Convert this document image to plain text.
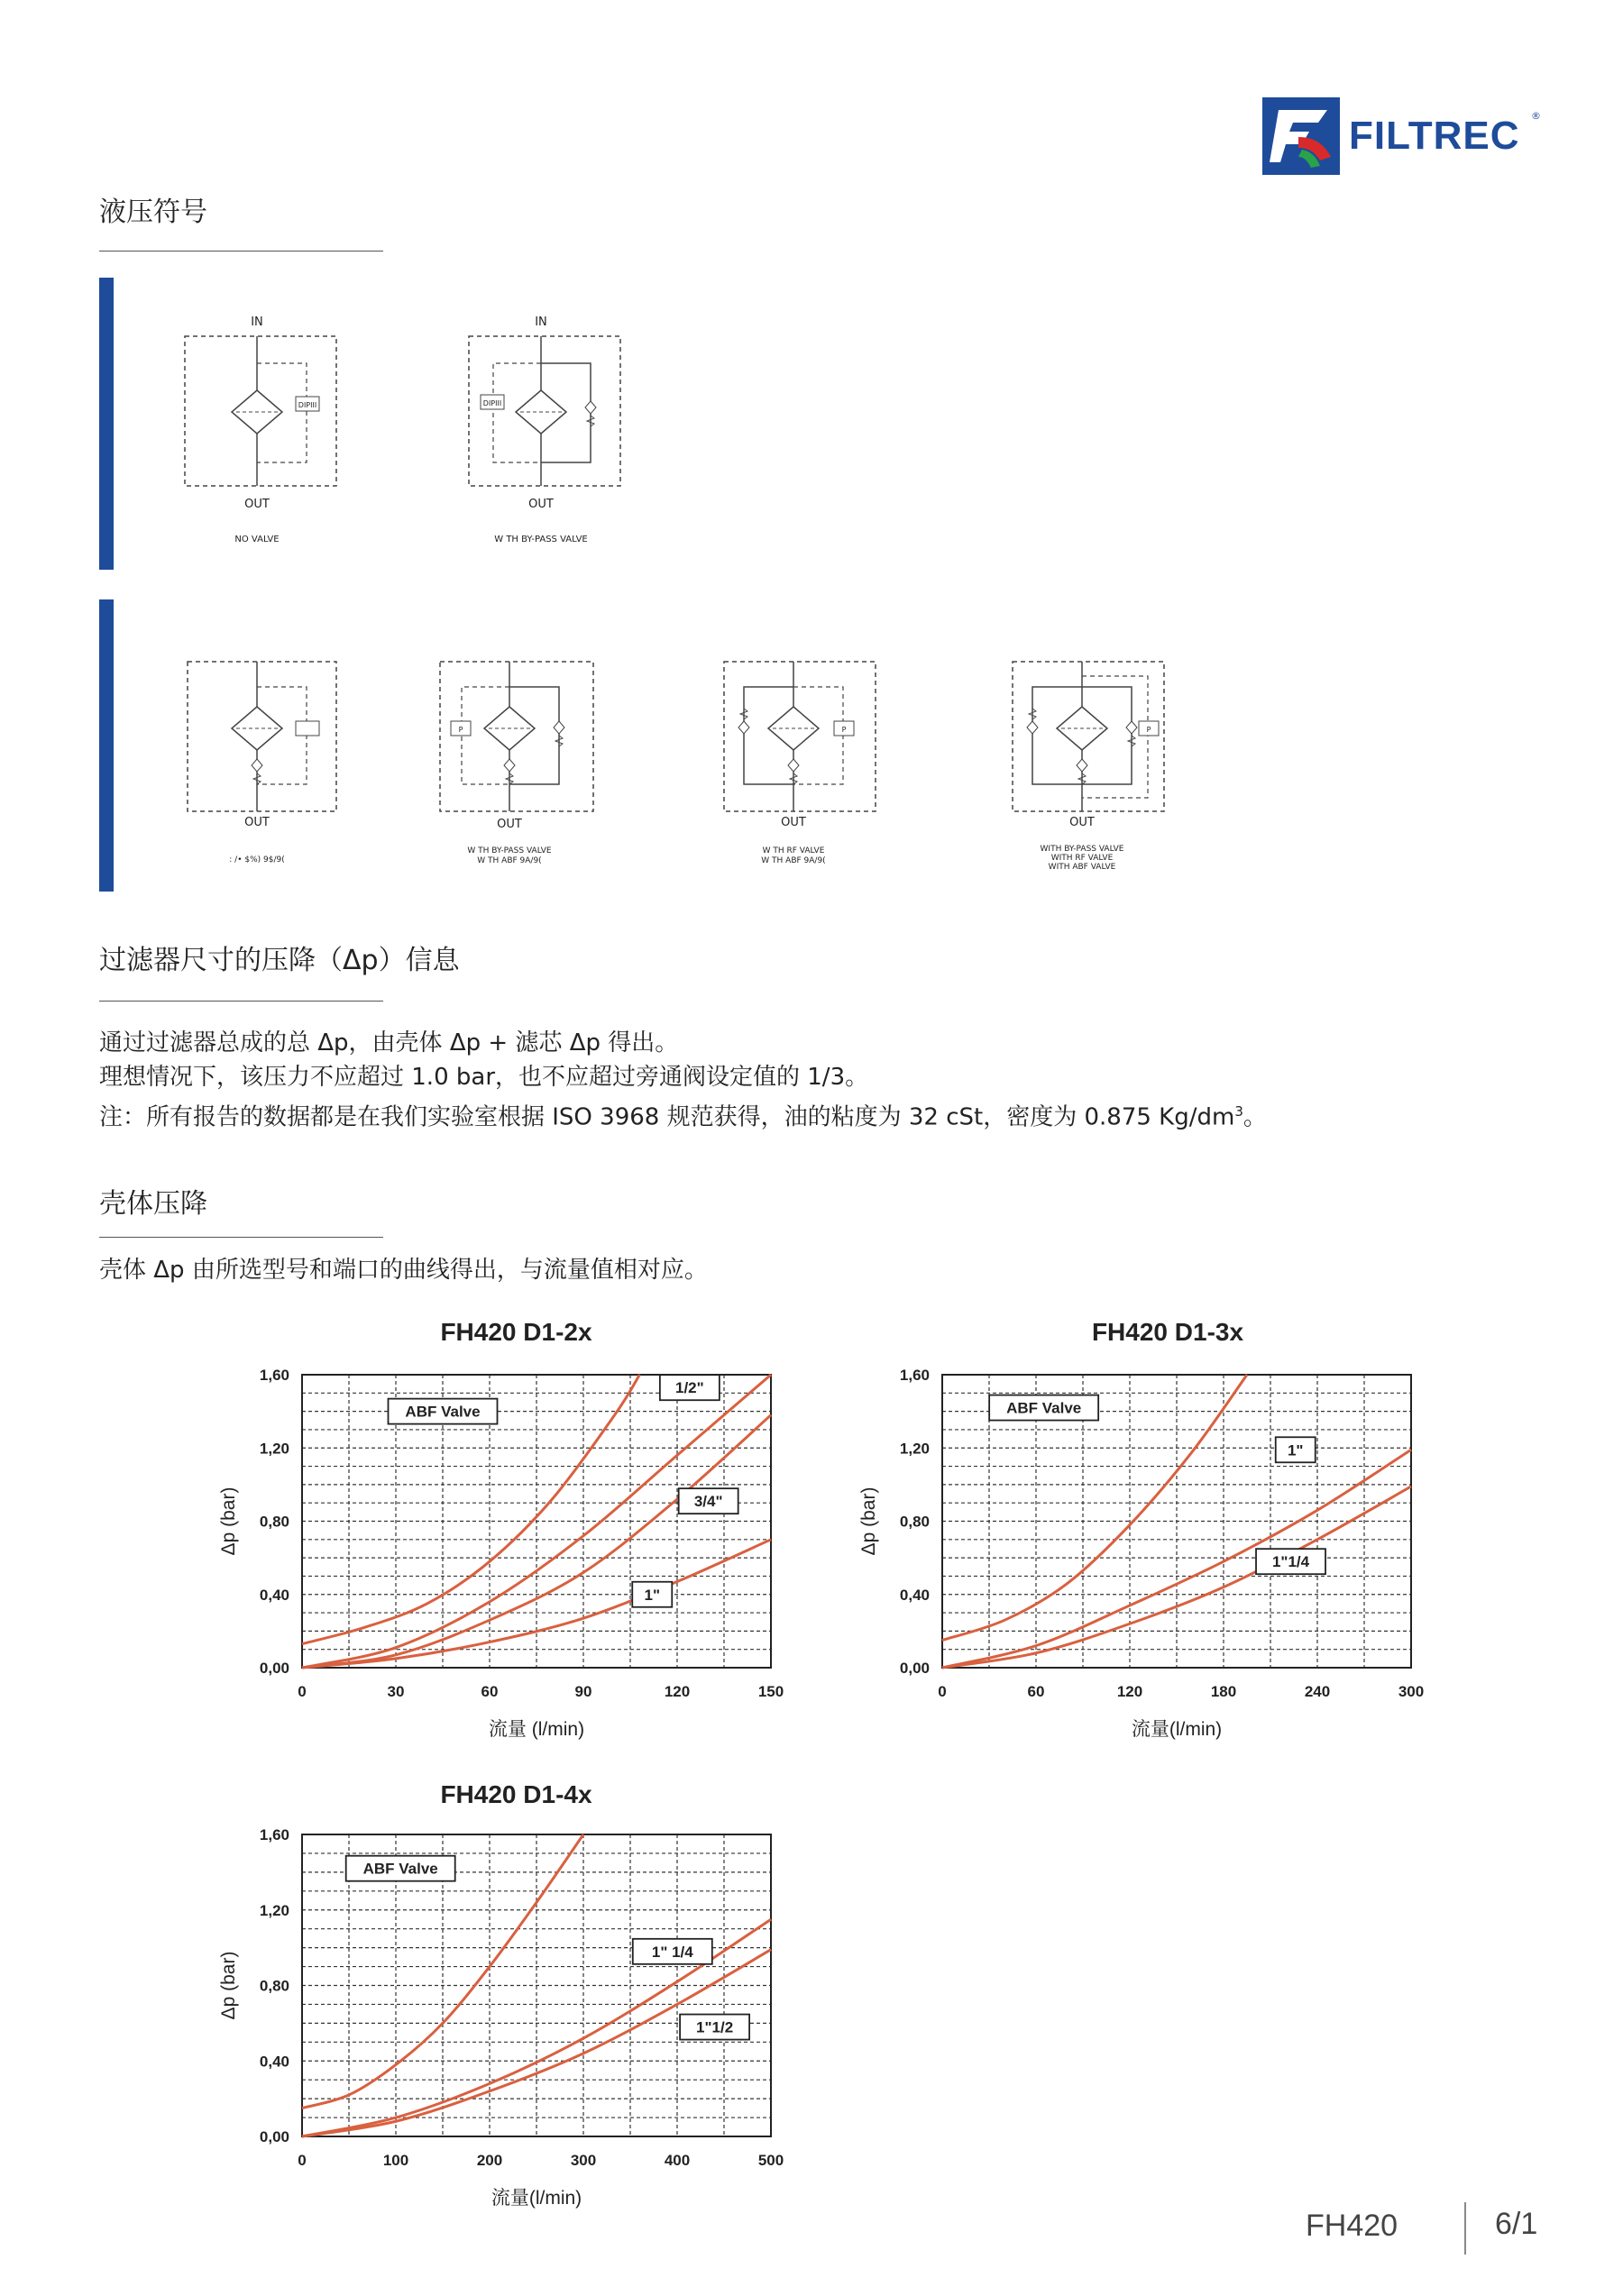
FILTREC ®
液压符号
IN
DIPIII
OUT
NO VALVE
IN
DIPIII
OUT
W TH BY-PASS VALVE
OUT
: /• $%) 9$/9(
P
OUT
W TH BY-PASS VALVE
W TH ABF 9A/9(
P
OUT
W TH RF VALVE
W TH ABF 9A/9(
P
OUT
WITH BY-PASS VALVE
WITH RF VALVE
WITH ABF VALVE
过滤器尺寸的压降（Δp）信息
通过过滤器总成的总 Δp，由壳体 Δp + 滤芯 Δp 得出。
理想情况下，该压力不应超过 1.0 bar，也不应超过旁通阀设定值的 1/3。
注：所有报告的数据都是在我们实验室根据 ISO 3968 规范获得，油的粘度为 32 cSt，密度为 0.875 $Kg/dm^3$。
壳体压降
壳体 Δp 由所选型号和端口的曲线得出，与流量值相对应。
FH420 D1-2x
0	30	60	90	120	150
0,00
0,40
0,80
1,20
1,60
流量 (l/min)
Δp (bar)
ABF Valve
1/2"
3/4"
1"
FH420 D1-3x
0	60	120	180	240	300
0,00
0,40
0,80
1,20
1,60
流量(l/min)
Δp (bar)
ABF Valve
1"
1"1/4
FH420 D1-4x
0	100	200	300	400	500
0,00
0,40
0,80
1,20
1,60
流量(l/min)
Δp (bar)
ABF Valve
1" 1/4
1"1/2
FH420	6/1
